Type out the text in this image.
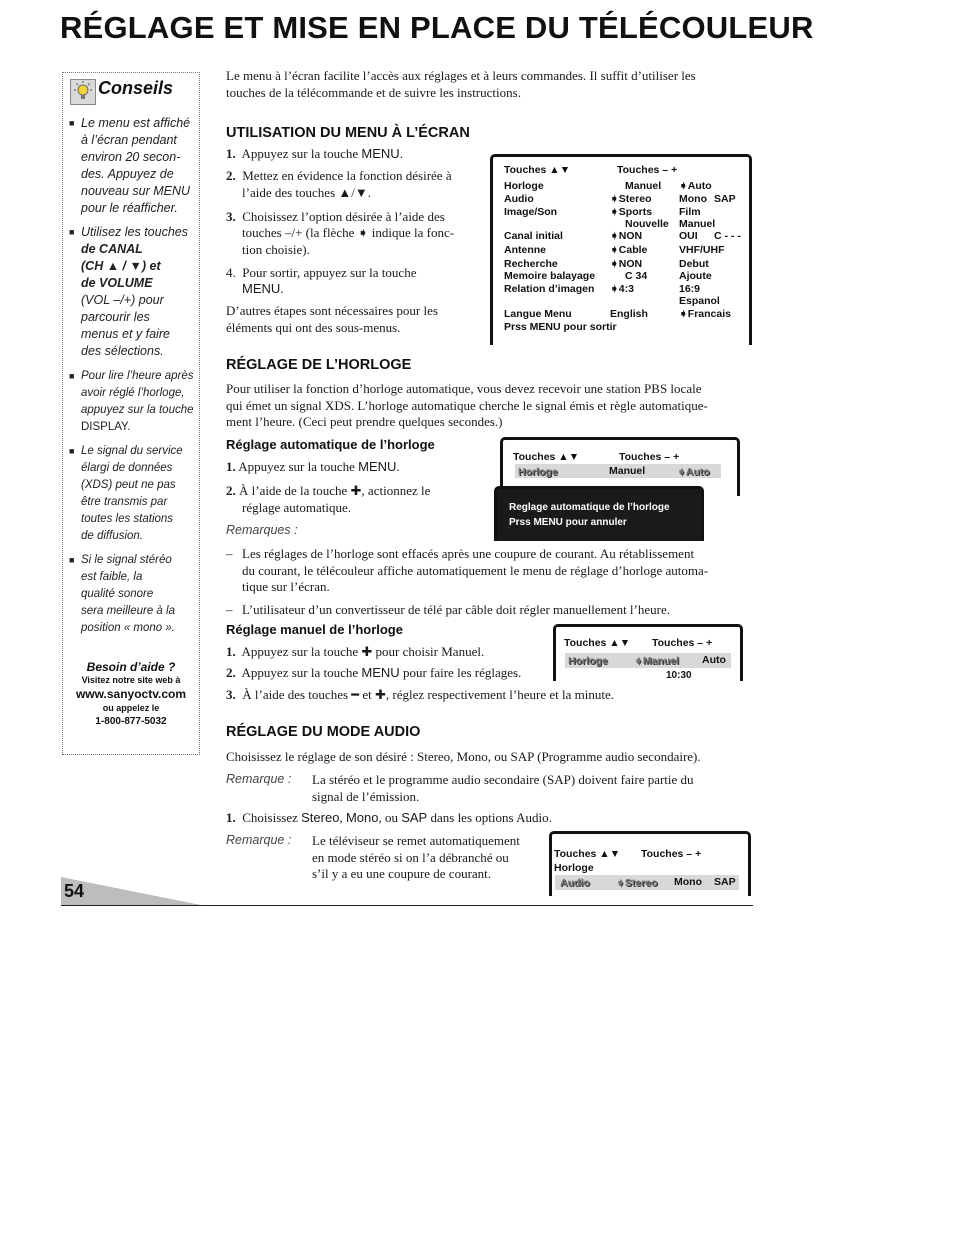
RÉGLAGE ET MISE EN PLACE DU TÉLÉCOULEUR
Conseils
■ Le menu est affiché
à l’écran pendant
environ 20 secon-
des. Appuyez de
nouveau sur MENU
pour le réafficher.
■ Utilisez les touches
de CANAL
(CH ▲ / ▼) et
de VOLUME
(VOL –/+) pour
parcourir les
menus et y faire
des sélections.
■ Pour lire l’heure après
avoir réglé l’horloge,
appuyez sur la touche
DISPLAY.
■ Le signal du service
élargi de données
(XDS) peut ne pas
être transmis par
toutes les stations
de diffusion.
■ Si le signal stéréo
est faible, la
qualité sonore
sera meilleure à la
position « mono ».
Besoin d’aide ?
Visitez notre site web à
www.sanyoctv.com
ou appelez le
1-800-877-5032
Le menu à l’écran facilite l’accès aux réglages et à leurs commandes. Il suffit d’utiliser les
touches de la télécommande et de suivre les instructions.
UTILISATION DU MENU À L’ÉCRAN
1. Appuyez sur la touche MENU.
2. Mettez en évidence la fonction désirée à
l’aide des touches ▲/▼.
3. Choisissez l’option désirée à l’aide des
touches –/+ (la flèche ➧ indique la fonc-
tion choisie).
4.  Pour sortir, appuyez sur la touche
MENU.
D’autres étapes sont nécessaires pour les
éléments qui ont des sous-menus.
Touches ▲▼	Touches – +
Horloge	Manuel ➧Auto
Audio	➧Stereo	Mono SAP
Image/Son	➧Sports	Film
Nouvelle Manuel
Canal initial	➧NON	OUI C - - -
Antenne	➧Cable	VHF/UHF
Recherche	➧NON	Debut
Memoire balayage	C 34	Ajoute
Relation d’imagen ➧4:3	16:9
Espanol
Langue Menu	English	➧Francais
Prss MENU pour sortir
RÉGLAGE DE L’HORLOGE
Pour utiliser la fonction d’horloge automatique, vous devez recevoir une station PBS locale
qui émet un signal XDS. L’horloge automatique cherche le signal émis et règle automatique-
ment l’heure. (Ceci peut prendre quelques secondes.)
Réglage automatique de l’horloge
1. Appuyez sur la touche MENU.
2. À l’aide de la touche ✚, actionnez le
réglage automatique.
Remarques :
Touches ▲▼	Touches – +
Horloge	Manuel	➧Auto
Reglage automatique de l’horloge
Prss MENU pour annuler
– Les réglages de l’horloge sont effacés après une coupure de courant. Au rétablissement
du courant, le télécouleur affiche automatiquement le menu de réglage d’horloge automa-
tique sur l’écran.
– L’utilisateur d’un convertisseur de télé par câble doit régler manuellement l’heure.
Réglage manuel de l’horloge
1. Appuyez sur la touche ✚ pour choisir Manuel.
2. Appuyez sur la touche MENU pour faire les réglages.
3. À l’aide des touches ━ et ✚, réglez respectivement l’heure et la minute.
Touches ▲▼ Touches – +
Horloge	➧Manuel Auto
10:30
RÉGLAGE DU MODE AUDIO
Choisissez le réglage de son désiré : Stereo, Mono, ou SAP (Programme audio secondaire).
Remarque : La stéréo et le programme audio secondaire (SAP) doivent faire partie du
signal de l’émission.
1. Choisissez Stereo, Mono, ou SAP dans les options Audio.
Remarque : Le téléviseur se remet automatiquement
en mode stéréo si on l’a débranché ou
s’il y a eu une coupure de courant.
Touches ▲▼ Touches – +
Horloge
Audio	➧Stereo Mono SAP
54
